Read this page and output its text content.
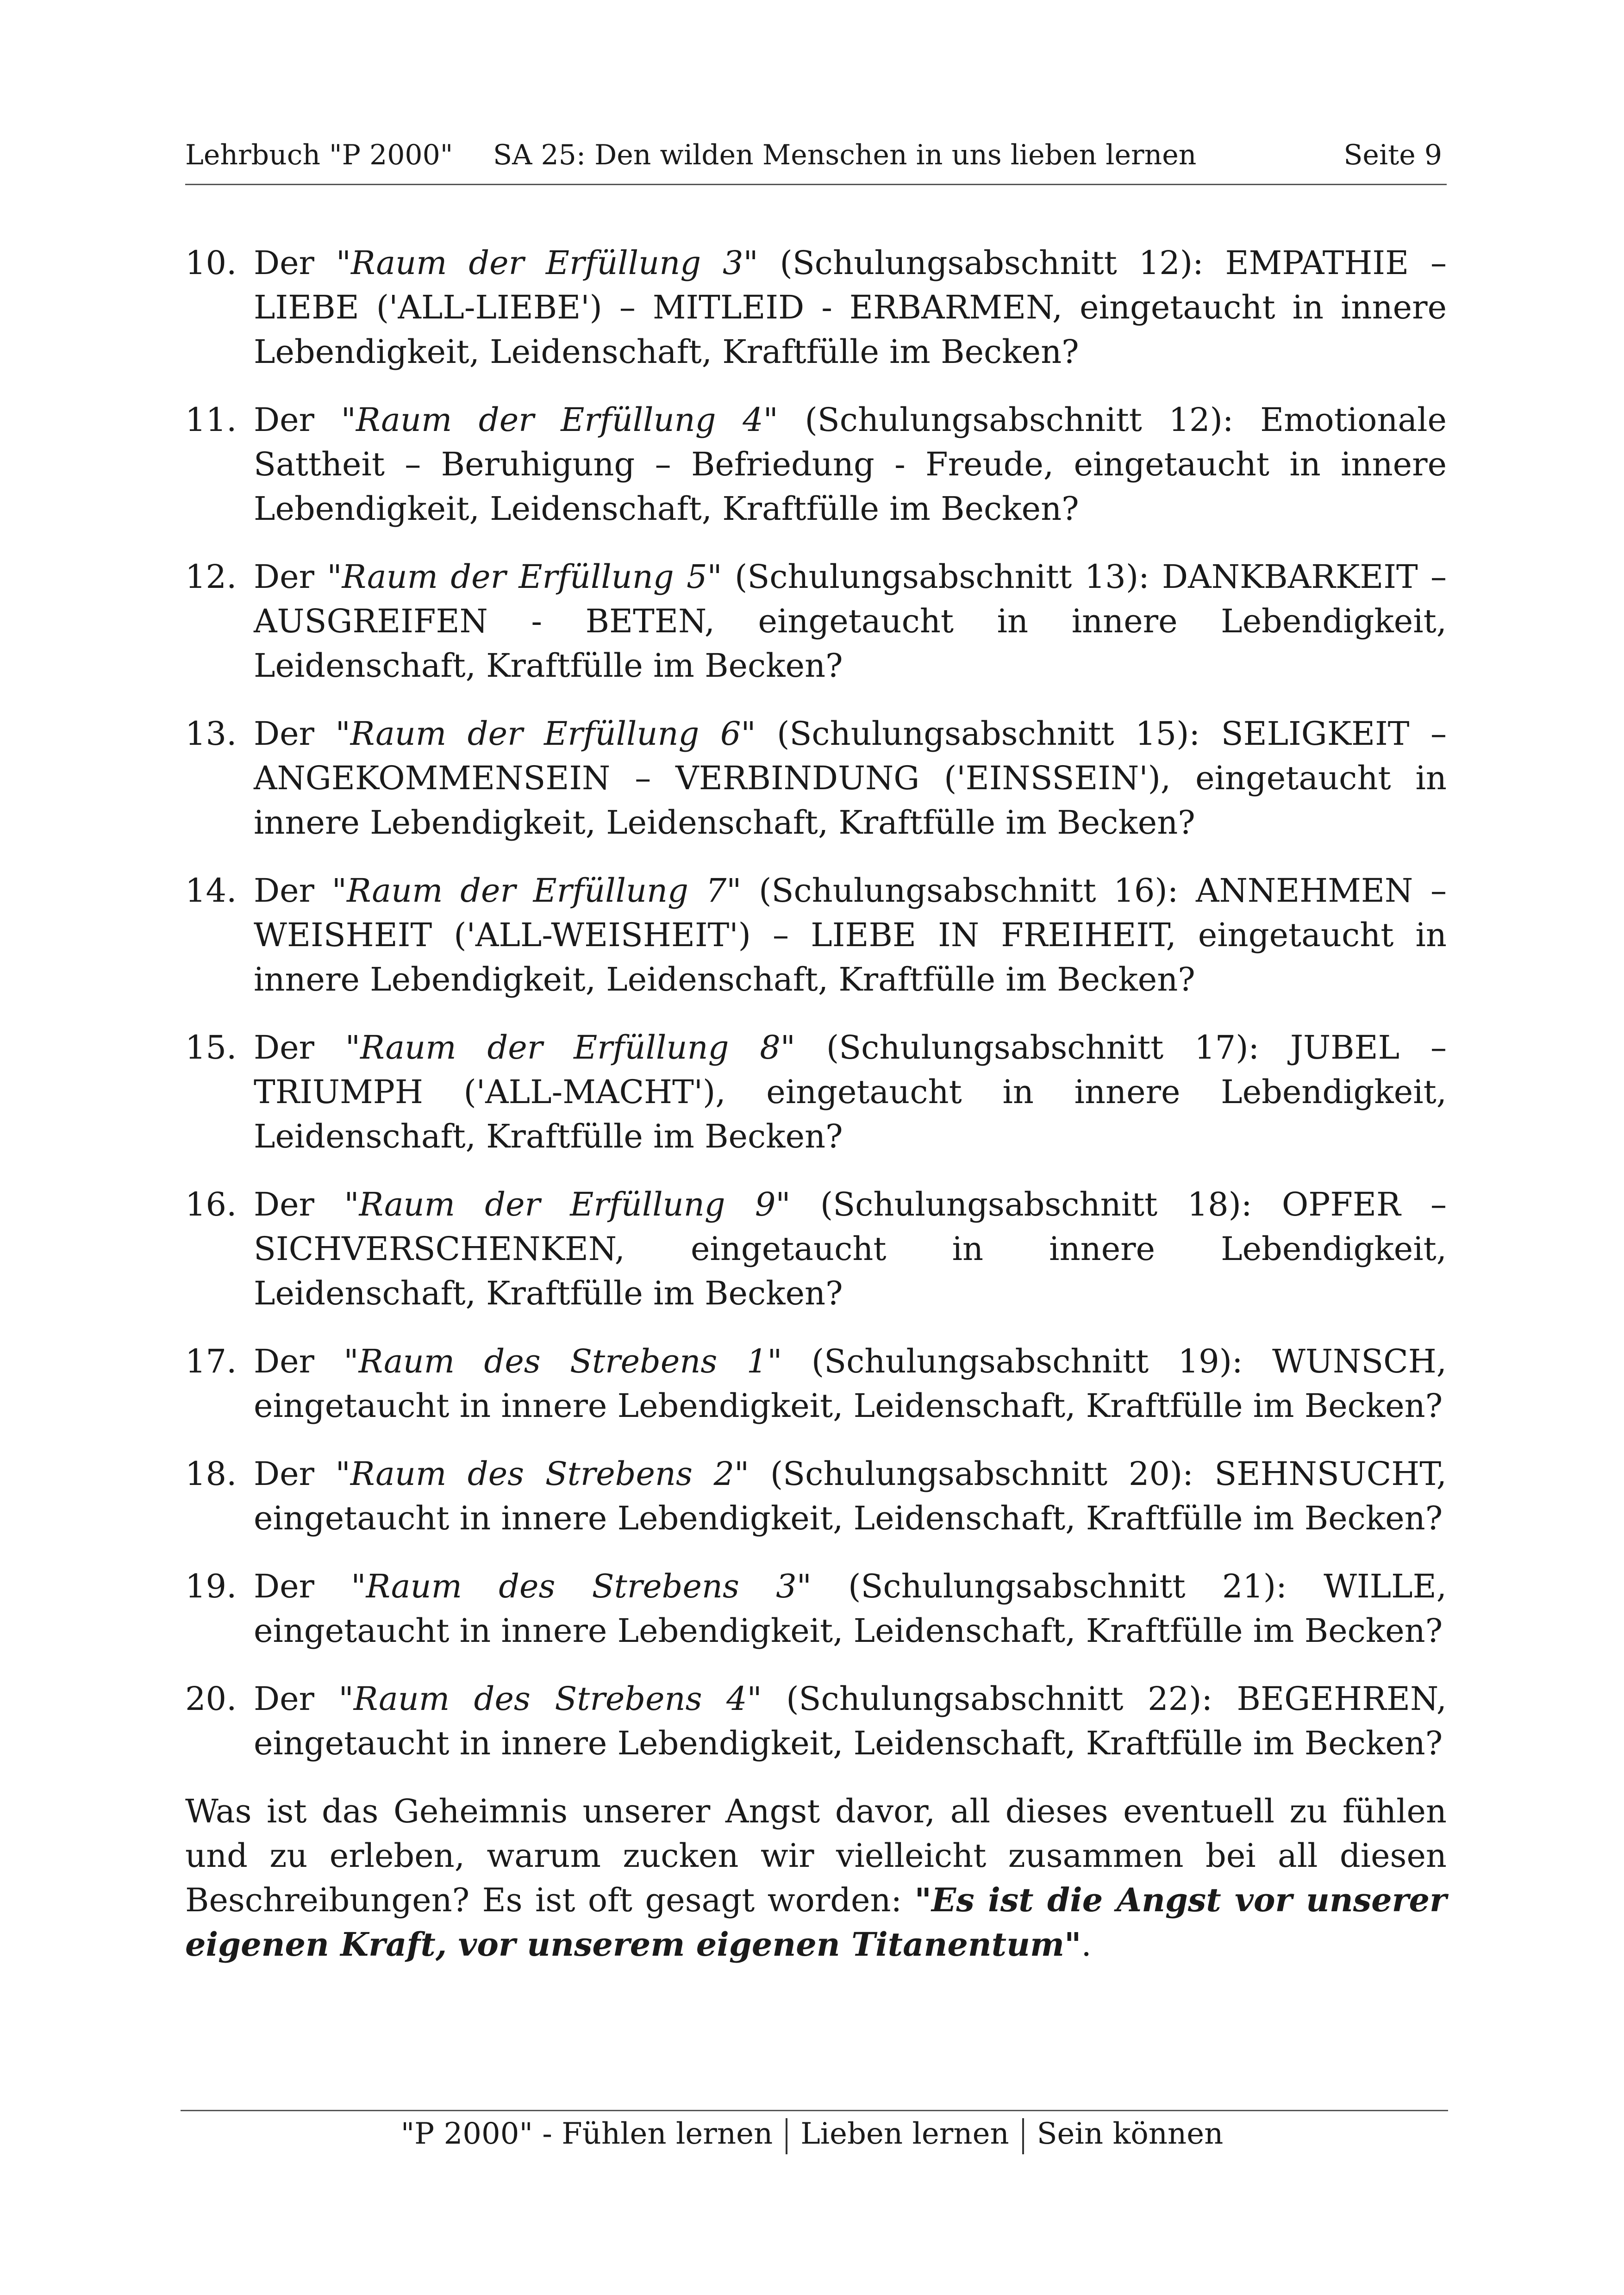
Lehrbuch "P 2000" SA 25: Den wilden Menschen in uns lieben lernen	Seite 9
10. Der "Raum der Erfüllung 3" (Schulungsabschnitt 12): EMPATHIE – LIEBE ('ALL-LIEBE') – MITLEID - ERBARMEN, eingetaucht in innere Lebendigkeit, Leidenschaft, Kraftfülle im Becken?
11. Der "Raum der Erfüllung 4" (Schulungsabschnitt 12): Emotionale Sattheit – Beruhigung – Befriedung - Freude, eingetaucht in innere Lebendigkeit, Leidenschaft, Kraftfülle im Becken?
12. Der "Raum der Erfüllung 5" (Schulungsabschnitt 13): DANKBARKEIT – AUSGREIFEN - BETEN, eingetaucht in innere Lebendigkeit, Leidenschaft, Kraftfülle im Becken?
13. Der "Raum der Erfüllung 6" (Schulungsabschnitt 15): SELIGKEIT – ANGEKOMMENSEIN – VERBINDUNG ('EINSSEIN'), eingetaucht in innere Lebendigkeit, Leidenschaft, Kraftfülle im Becken?
14. Der "Raum der Erfüllung 7" (Schulungsabschnitt 16): ANNEHMEN – WEISHEIT ('ALL-WEISHEIT') – LIEBE IN FREIHEIT, eingetaucht in innere Lebendigkeit, Leidenschaft, Kraftfülle im Becken?
15. Der "Raum der Erfüllung 8" (Schulungsabschnitt 17): JUBEL – TRIUMPH ('ALL-MACHT'), eingetaucht in innere Lebendigkeit, Leidenschaft, Kraftfülle im Becken?
16. Der "Raum der Erfüllung 9" (Schulungsabschnitt 18): OPFER – SICHVERSCHENKEN, eingetaucht in innere Lebendigkeit, Leidenschaft, Kraftfülle im Becken?
17. Der "Raum des Strebens 1" (Schulungsabschnitt 19): WUNSCH, eingetaucht in innere Lebendigkeit, Leidenschaft, Kraftfülle im Becken?
18. Der "Raum des Strebens 2" (Schulungsabschnitt 20): SEHNSUCHT, eingetaucht in innere Lebendigkeit, Leidenschaft, Kraftfülle im Becken?
19. Der "Raum des Strebens 3" (Schulungsabschnitt 21): WILLE, eingetaucht in innere Lebendigkeit, Leidenschaft, Kraftfülle im Becken?
20. Der "Raum des Strebens 4" (Schulungsabschnitt 22): BEGEHREN, eingetaucht in innere Lebendigkeit, Leidenschaft, Kraftfülle im Becken?

Was ist das Geheimnis unserer Angst davor, all dieses eventuell zu fühlen und zu erleben, warum zucken wir vielleicht zusammen bei all diesen Beschreibungen? Es ist oft gesagt worden: "Es ist die Angst vor unserer eigenen Kraft, vor unserem eigenen Titanentum".

"P 2000" - Fühlen lernen Lieben lernen Sein können
